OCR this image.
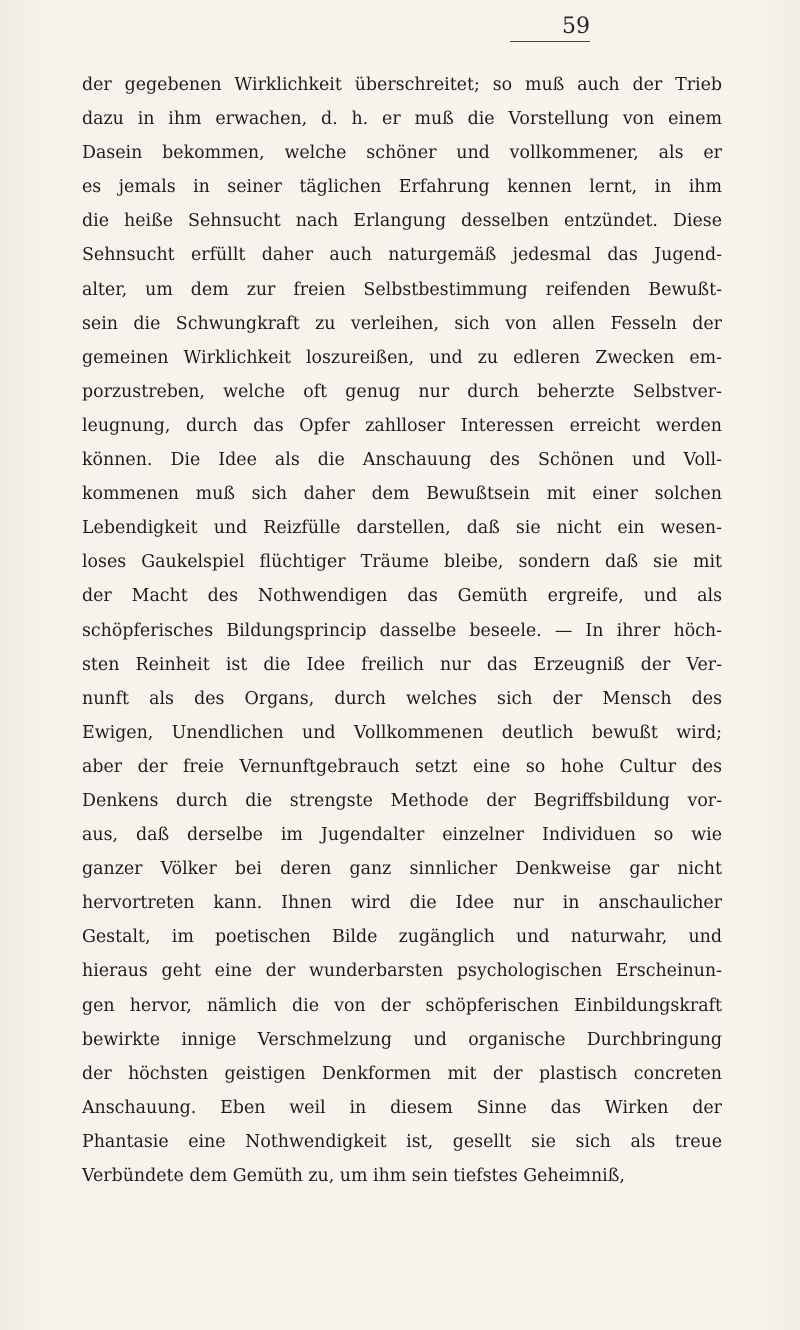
59
der gegebenen Wirklichkeit überschreitet; so muß auch der Trieb
dazu in ihm erwachen, d. h. er muß die Vorstellung von einem
Dasein bekommen, welche schöner und vollkommener, als er
es jemals in seiner täglichen Erfahrung kennen lernt, in ihm
die heiße Sehnsucht nach Erlangung desselben entzündet. Diese
Sehnsucht erfüllt daher auch naturgemäß jedesmal das Jugend-
alter, um dem zur freien Selbstbestimmung reifenden Bewußt-
sein die Schwungkraft zu verleihen, sich von allen Fesseln der
gemeinen Wirklichkeit loszureißen, und zu edleren Zwecken em-
porzustreben, welche oft genug nur durch beherzte Selbstver-
leugnung, durch das Opfer zahlloser Interessen erreicht werden
können. Die Idee als die Anschauung des Schönen und Voll-
kommenen muß sich daher dem Bewußtsein mit einer solchen
Lebendigkeit und Reizfülle darstellen, daß sie nicht ein wesen-
loses Gaukelspiel flüchtiger Träume bleibe, sondern daß sie mit
der Macht des Nothwendigen das Gemüth ergreife, und als
schöpferisches Bildungsprincip dasselbe beseele. — In ihrer höch-
sten Reinheit ist die Idee freilich nur das Erzeugniß der Ver-
nunft als des Organs, durch welches sich der Mensch des
Ewigen, Unendlichen und Vollkommenen deutlich bewußt wird;
aber der freie Vernunftgebrauch setzt eine so hohe Cultur des
Denkens durch die strengste Methode der Begriffsbildung vor-
aus, daß derselbe im Jugendalter einzelner Individuen so wie
ganzer Völker bei deren ganz sinnlicher Denkweise gar nicht
hervortreten kann. Ihnen wird die Idee nur in anschaulicher
Gestalt, im poetischen Bilde zugänglich und naturwahr, und
hieraus geht eine der wunderbarsten psychologischen Erscheinun-
gen hervor, nämlich die von der schöpferischen Einbildungskraft
bewirkte innige Verschmelzung und organische Durchbringung
der höchsten geistigen Denkformen mit der plastisch concreten
Anschauung. Eben weil in diesem Sinne das Wirken der
Phantasie eine Nothwendigkeit ist, gesellt sie sich als treue
Verbündete dem Gemüth zu, um ihm sein tiefstes Geheimniß,
